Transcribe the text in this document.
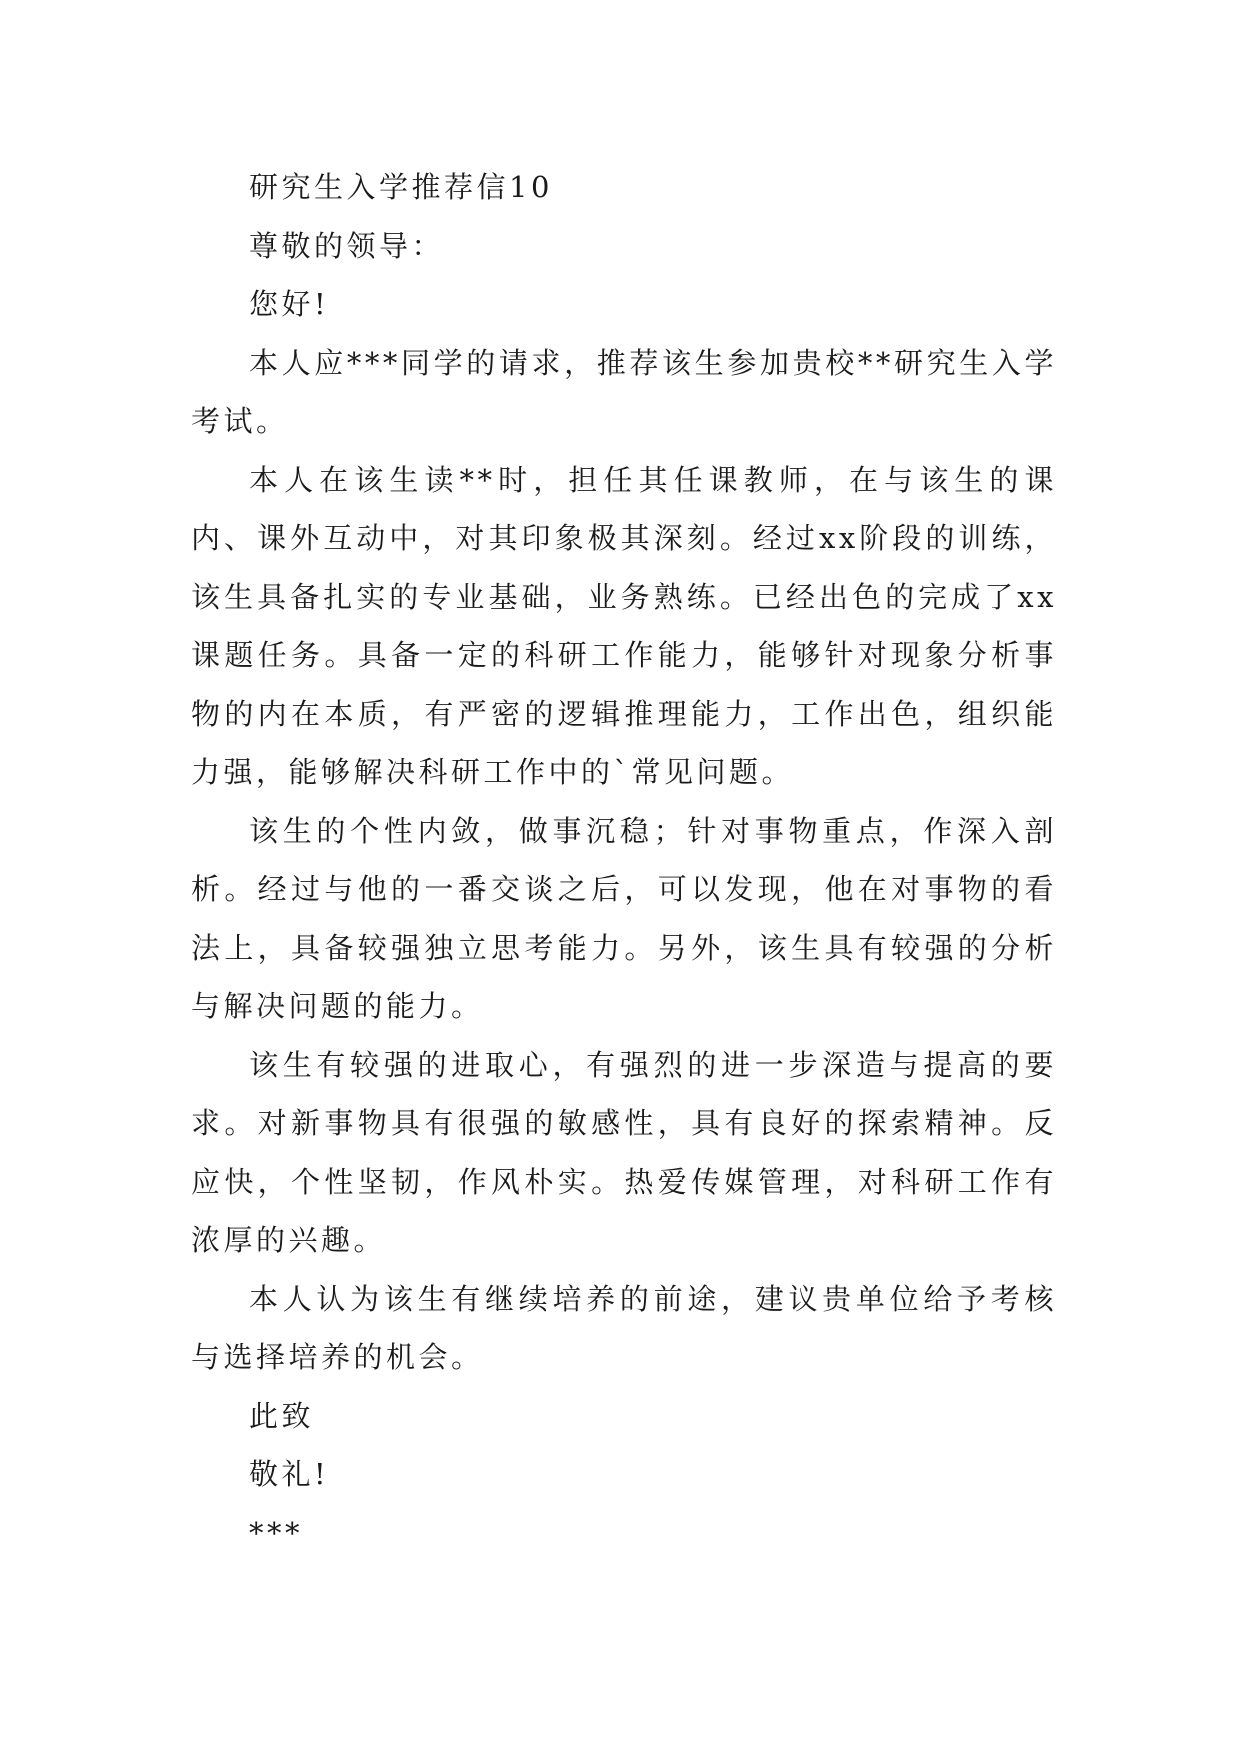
研究生入学推荐信10

尊敬的领导：

您好!

本人应***同学的请求，推荐该生参加贵校**研究生入学考试。

本人在该生读**时，担任其任课教师，在与该生的课内、课外互动中，对其印象极其深刻。经过xx阶段的训练，该生具备扎实的专业基础，业务熟练。已经出色的完成了xx课题任务。具备一定的科研工作能力，能够针对现象分析事物的内在本质，有严密的逻辑推理能力，工作出色，组织能力强，能够解决科研工作中的`常见问题。

该生的个性内敛，做事沉稳；针对事物重点，作深入剖析。经过与他的一番交谈之后，可以发现，他在对事物的看法上，具备较强独立思考能力。另外，该生具有较强的分析与解决问题的能力。

该生有较强的进取心，有强烈的进一步深造与提高的要求。对新事物具有很强的敏感性，具有良好的探索精神。反应快，个性坚韧，作风朴实。热爱传媒管理，对科研工作有浓厚的兴趣。

本人认为该生有继续培养的前途，建议贵单位给予考核与选择培养的机会。

此致

敬礼!

***
